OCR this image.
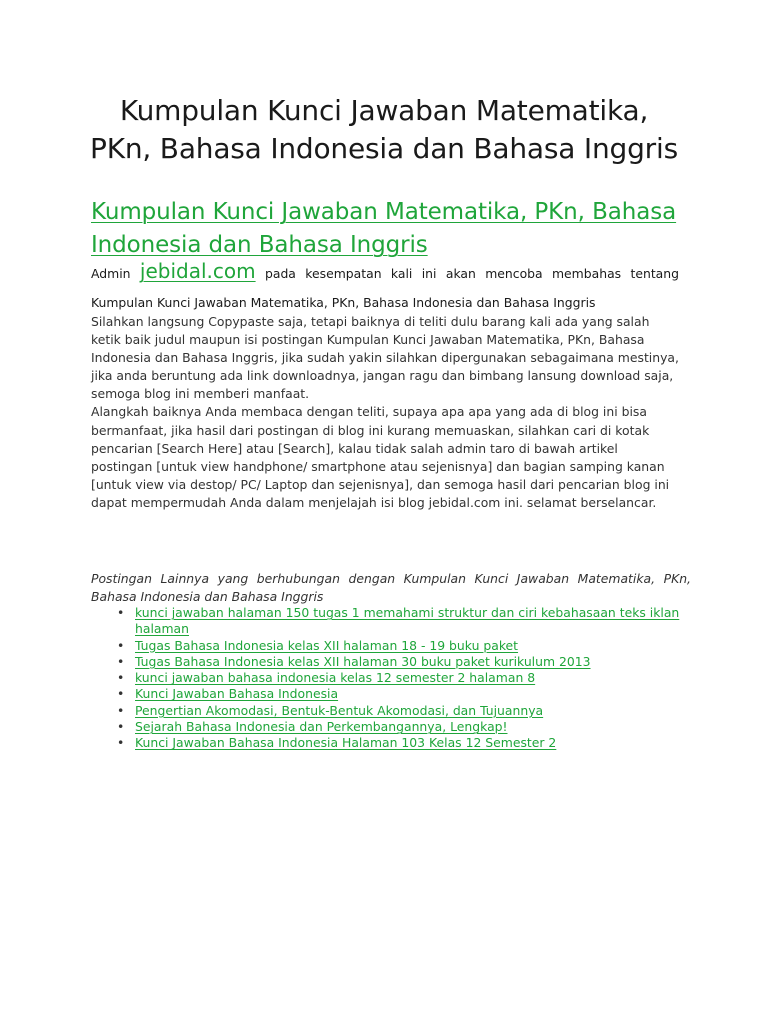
Kumpulan Kunci Jawaban Matematika,
PKn, Bahasa Indonesia dan Bahasa Inggris
Kumpulan Kunci Jawaban Matematika, PKn, Bahasa
Indonesia dan Bahasa Inggris
Admin jebidal.com pada kesempatan kali ini akan mencoba membahas tentang
Kumpulan Kunci Jawaban Matematika, PKn, Bahasa Indonesia dan Bahasa Inggris

Silahkan langsung Copypaste saja, tetapi baiknya di teliti dulu barang kali ada yang salah
ketik baik judul maupun isi postingan Kumpulan Kunci Jawaban Matematika, PKn, Bahasa
Indonesia dan Bahasa Inggris, jika sudah yakin silahkan dipergunakan sebagaimana mestinya,
jika anda beruntung ada link downloadnya, jangan ragu dan bimbang lansung download saja,
semoga blog ini memberi manfaat.

Alangkah baiknya Anda membaca dengan teliti, supaya apa apa yang ada di blog ini bisa
bermanfaat, jika hasil dari postingan di blog ini kurang memuaskan, silahkan cari di kotak
pencarian [Search Here] atau [Search], kalau tidak salah admin taro di bawah artikel
postingan [untuk view handphone/ smartphone atau sejenisnya] dan bagian samping kanan
[untuk view via destop/ PC/ Laptop dan sejenisnya], dan semoga hasil dari pencarian blog ini
dapat mempermudah Anda dalam menjelajah isi blog jebidal.com ini. selamat berselancar.

Postingan Lainnya yang berhubungan dengan Kumpulan Kunci Jawaban Matematika, PKn, Bahasa Indonesia dan Bahasa Inggris

• kunci jawaban halaman 150 tugas 1 memahami struktur dan ciri kebahasaan teks iklan halaman
• Tugas Bahasa Indonesia kelas XII halaman 18 - 19 buku paket
• Tugas Bahasa Indonesia kelas XII halaman 30 buku paket kurikulum 2013
• kunci jawaban bahasa indonesia kelas 12 semester 2 halaman 8
• Kunci Jawaban Bahasa Indonesia
• Pengertian Akomodasi, Bentuk-Bentuk Akomodasi, dan Tujuannya
• Sejarah Bahasa Indonesia dan Perkembangannya, Lengkap!
• Kunci Jawaban Bahasa Indonesia Halaman 103 Kelas 12 Semester 2
